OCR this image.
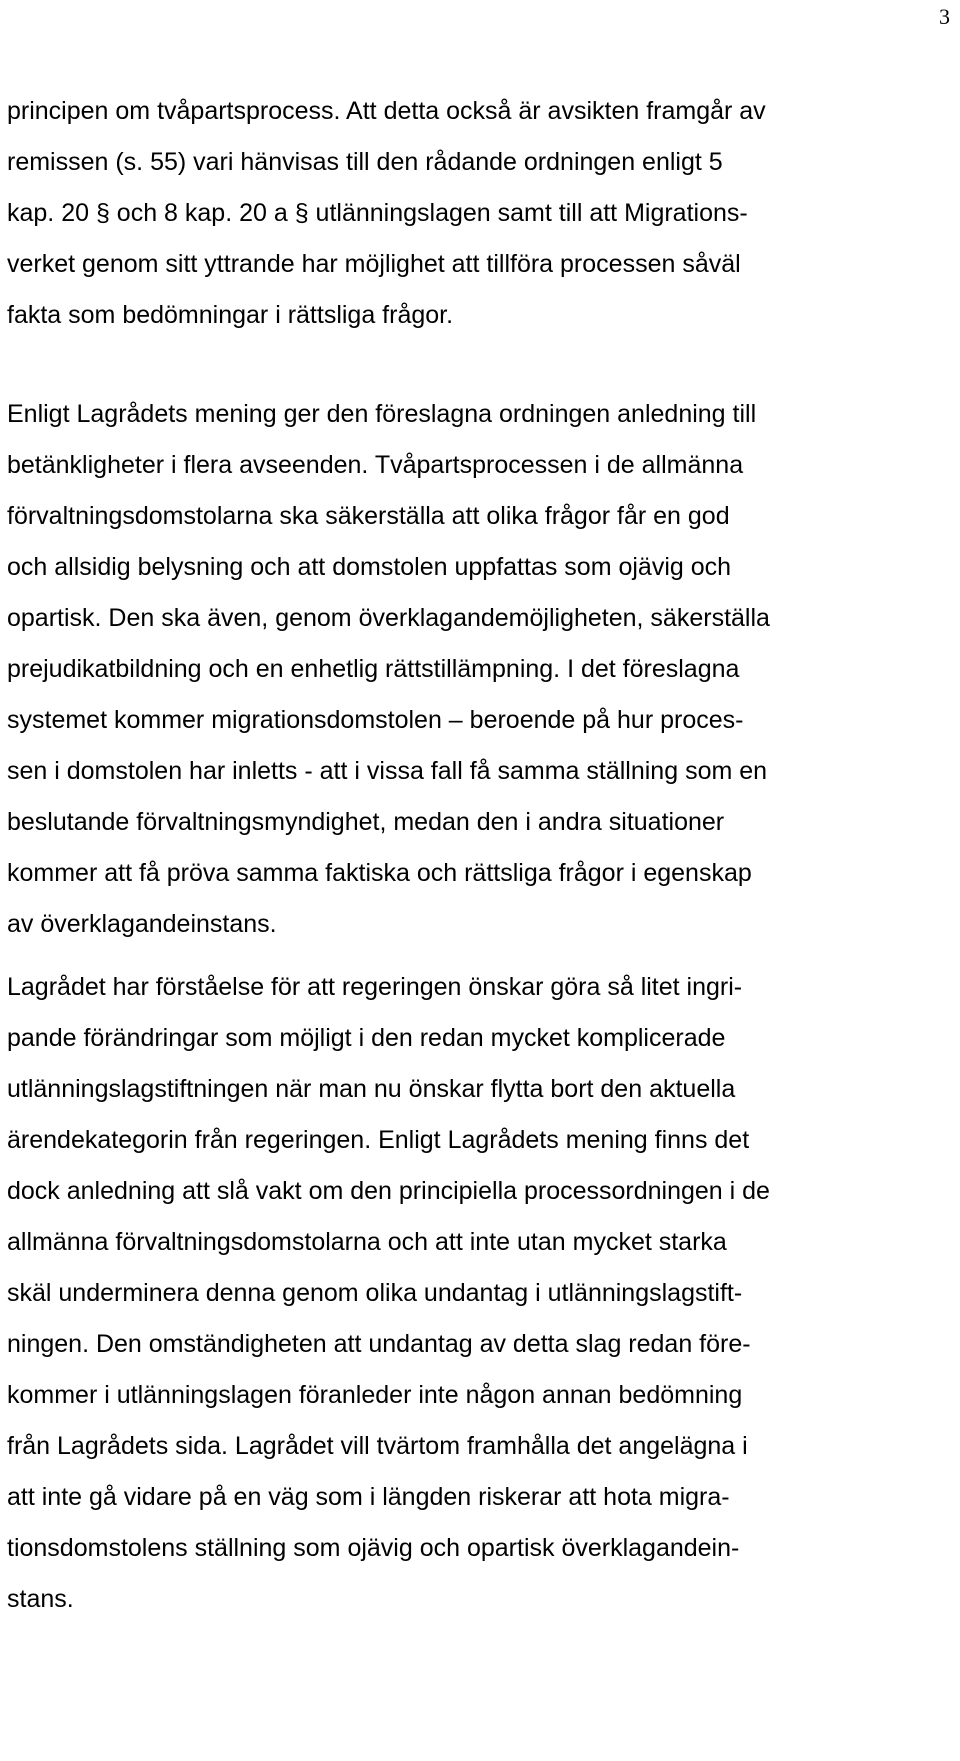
3
principen om tvåpartsprocess. Att detta också är avsikten framgår av
remissen (s. 55) vari hänvisas till den rådande ordningen enligt 5
kap. 20 § och 8 kap. 20 a § utlänningslagen samt till att Migrations-
verket genom sitt yttrande har möjlighet att tillföra processen såväl
fakta som bedömningar i rättsliga frågor.
Enligt Lagrådets mening ger den föreslagna ordningen anledning till
betänkligheter i flera avseenden. Tvåpartsprocessen i de allmänna
förvaltningsdomstolarna ska säkerställa att olika frågor får en god
och allsidig belysning och att domstolen uppfattas som ojävig och
opartisk. Den ska även, genom överklagandemöjligheten, säkerställa
prejudikatbildning och en enhetlig rättstillämpning. I det föreslagna
systemet kommer migrationsdomstolen – beroende på hur proces-
sen i domstolen har inletts - att i vissa fall få samma ställning som en
beslutande förvaltningsmyndighet, medan den i andra situationer
kommer att få pröva samma faktiska och rättsliga frågor i egenskap
av överklagandeinstans.
Lagrådet har förståelse för att regeringen önskar göra så litet ingri-
pande förändringar som möjligt i den redan mycket komplicerade
utlänningslagstiftningen när man nu önskar flytta bort den aktuella
ärendekategorin från regeringen. Enligt Lagrådets mening finns det
dock anledning att slå vakt om den principiella processordningen i de
allmänna förvaltningsdomstolarna och att inte utan mycket starka
skäl underminera denna genom olika undantag i utlänningslagstift-
ningen. Den omständigheten att undantag av detta slag redan före-
kommer i utlänningslagen föranleder inte någon annan bedömning
från Lagrådets sida. Lagrådet vill tvärtom framhålla det angelägna i
att inte gå vidare på en väg som i längden riskerar att hota migra-
tionsdomstolens ställning som ojävig och opartisk överklagandein-
stans.
